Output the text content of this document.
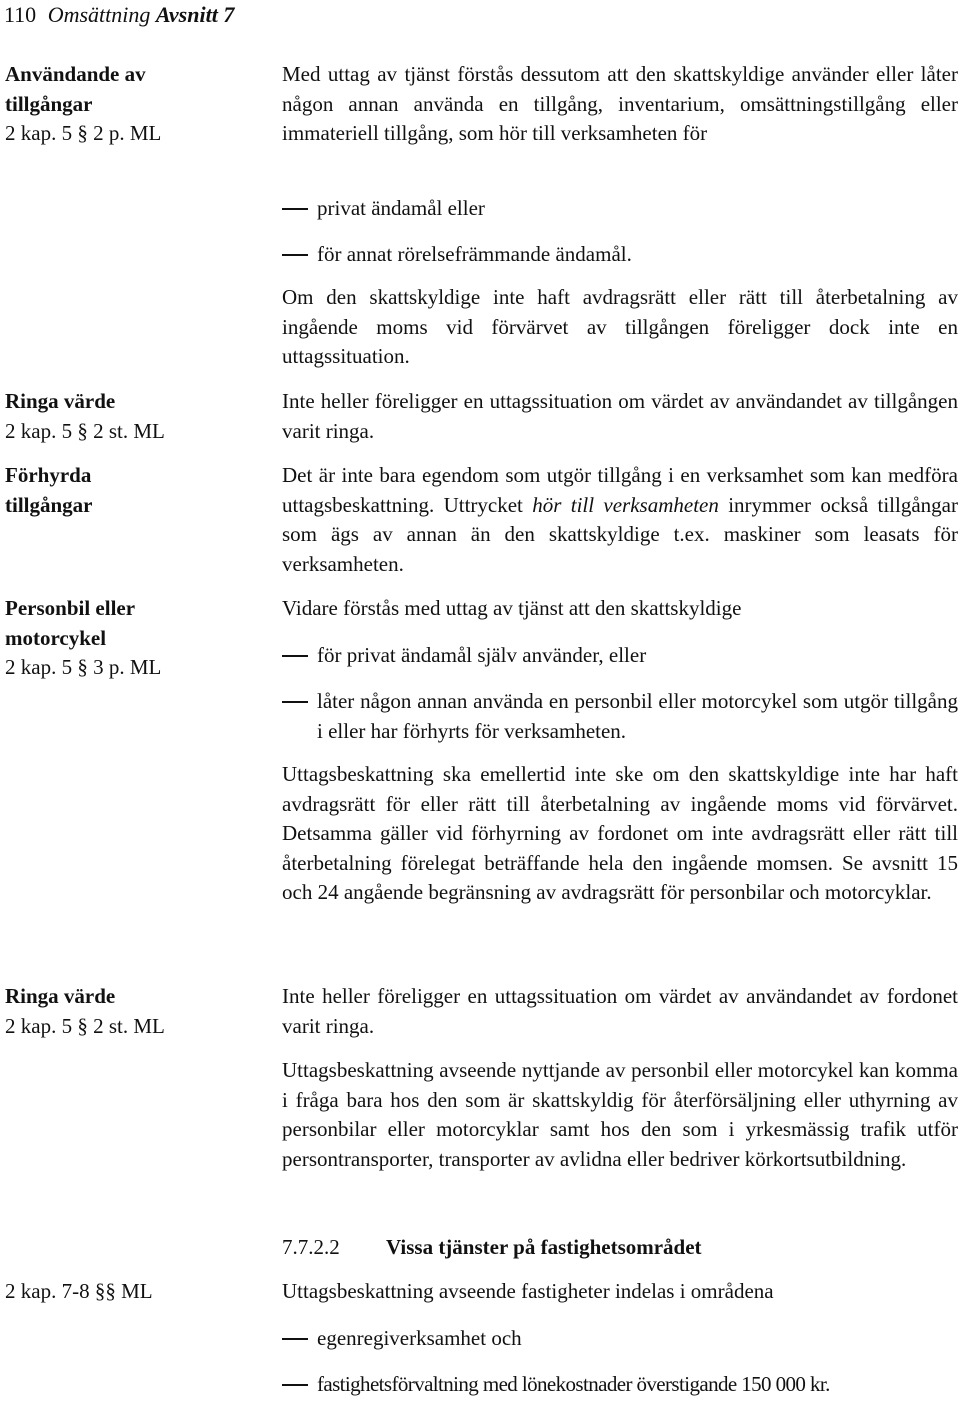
110 Omsättning Avsnitt 7
Användande av tillgångar
2 kap. 5 § 2 p. ML
Ringa värde
2 kap. 5 § 2 st. ML
Förhyrda tillgångar
Personbil eller motorcykel
2 kap. 5 § 3 p. ML
Ringa värde
2 kap. 5 § 2 st. ML
2 kap. 7-8 §§ ML
Med uttag av tjänst förstås dessutom att den skattskyldige använder eller låter någon annan använda en tillgång, inventarium, omsättningstillgång eller immateriell tillgång, som hör till verksamheten för
privat ändamål eller
för annat rörelsefrämmande ändamål.
Om den skattskyldige inte haft avdragsrätt eller rätt till återbetalning av ingående moms vid förvärvet av tillgången föreligger dock inte en uttagssituation.
Inte heller föreligger en uttagssituation om värdet av användandet av tillgången varit ringa.
Det är inte bara egendom som utgör tillgång i en verksamhet som kan medföra uttagsbeskattning. Uttrycket hör till verksamheten inrymmer också tillgångar som ägs av annan än den skattskyldige t.ex. maskiner som leasats för verksamheten.
Vidare förstås med uttag av tjänst att den skattskyldige
för privat ändamål själv använder, eller
låter någon annan använda en personbil eller motorcykel som utgör tillgång i eller har förhyrts för verksamheten.
Uttagsbeskattning ska emellertid inte ske om den skattskyldige inte har haft avdragsrätt för eller rätt till återbetalning av ingående moms vid förvärvet. Detsamma gäller vid förhyrning av fordonet om inte avdragsrätt eller rätt till återbetalning förelegat beträffande hela den ingående momsen. Se avsnitt 15 och 24 angående begränsning av avdragsrätt för personbilar och motorcyklar.
Inte heller föreligger en uttagssituation om värdet av användandet av fordonet varit ringa.
Uttagsbeskattning avseende nyttjande av personbil eller motorcykel kan komma i fråga bara hos den som är skattskyldig för återförsäljning eller uthyrning av personbilar eller motorcyklar samt hos den som i yrkesmässig trafik utför persontransporter, transporter av avlidna eller bedriver körkortsutbildning.
7.7.2.2 Vissa tjänster på fastighetsområdet
Uttagsbeskattning avseende fastigheter indelas i områdena
egenregiverksamhet och
fastighetsförvaltning med lönekostnader överstigande 150 000 kr.
